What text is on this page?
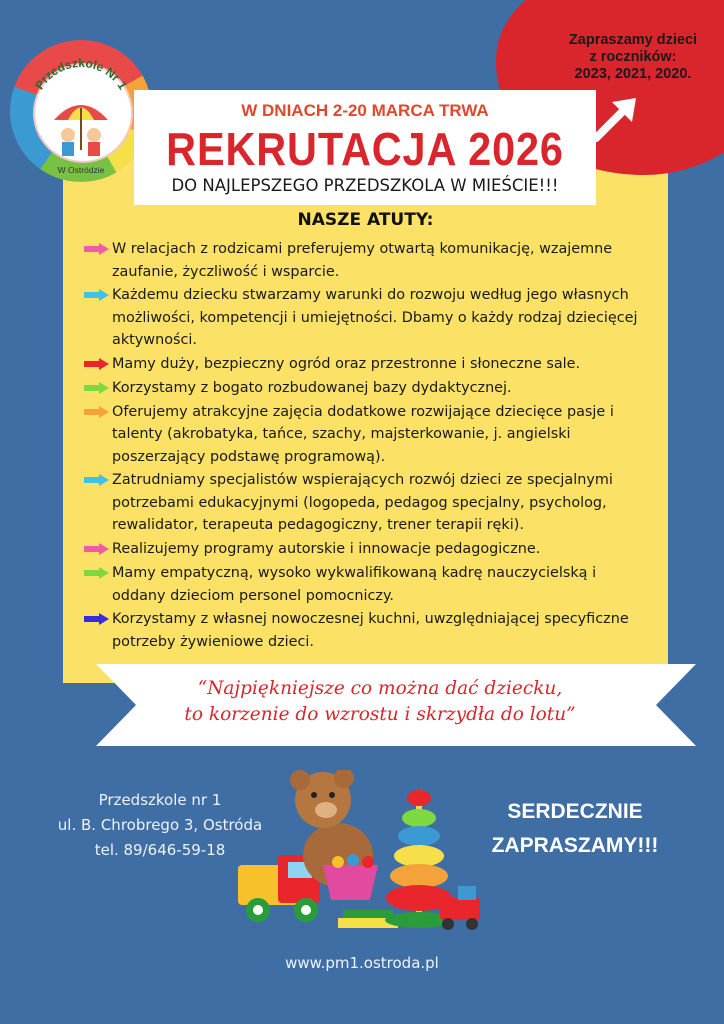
Zapraszamy dzieci
z roczników:
2023, 2021, 2020.
Przedszkole Nr 1
W Ostródzie
W DNIACH 2-20 MARCA TRWA
REKRUTACJA 2026
DO NAJLEPSZEGO PRZEDSZKOLA W MIEŚCIE!!!
NASZE ATUTY:
W relacjach z rodzicami preferujemy otwartą komunikację, wzajemne zaufanie, życzliwość i wsparcie.
Każdemu dziecku stwarzamy warunki do rozwoju według jego własnych możliwości, kompetencji i umiejętności. Dbamy o każdy rodzaj dziecięcej aktywności.
Mamy duży, bezpieczny ogród oraz przestronne i słoneczne sale.
Korzystamy z bogato rozbudowanej bazy dydaktycznej.
Oferujemy atrakcyjne zajęcia dodatkowe rozwijające dziecięce pasje i talenty (akrobatyka, tańce, szachy, majsterkowanie, j. angielski poszerzający podstawę programową).
Zatrudniamy specjalistów wspierających rozwój dzieci ze specjalnymi potrzebami edukacyjnymi (logopeda, pedagog specjalny, psycholog, rewalidator, terapeuta pedagogiczny, trener terapii ręki).
Realizujemy programy autorskie i innowacje pedagogiczne.
Mamy empatyczną, wysoko wykwalifikowaną kadrę nauczycielską i oddany dzieciom personel pomocniczy.
Korzystamy z własnej nowoczesnej kuchni, uwzględniającej specyficzne potrzeby żywieniowe dzieci.
“Najpiękniejsze co można dać dziecku,
to korzenie do wzrostu i skrzydła do lotu”
Przedszkole nr 1
ul. B. Chrobrego 3, Ostróda
tel. 89/646-59-18
SERDECZNIE
ZAPRASZAMY!!!
www.pm1.ostroda.pl
